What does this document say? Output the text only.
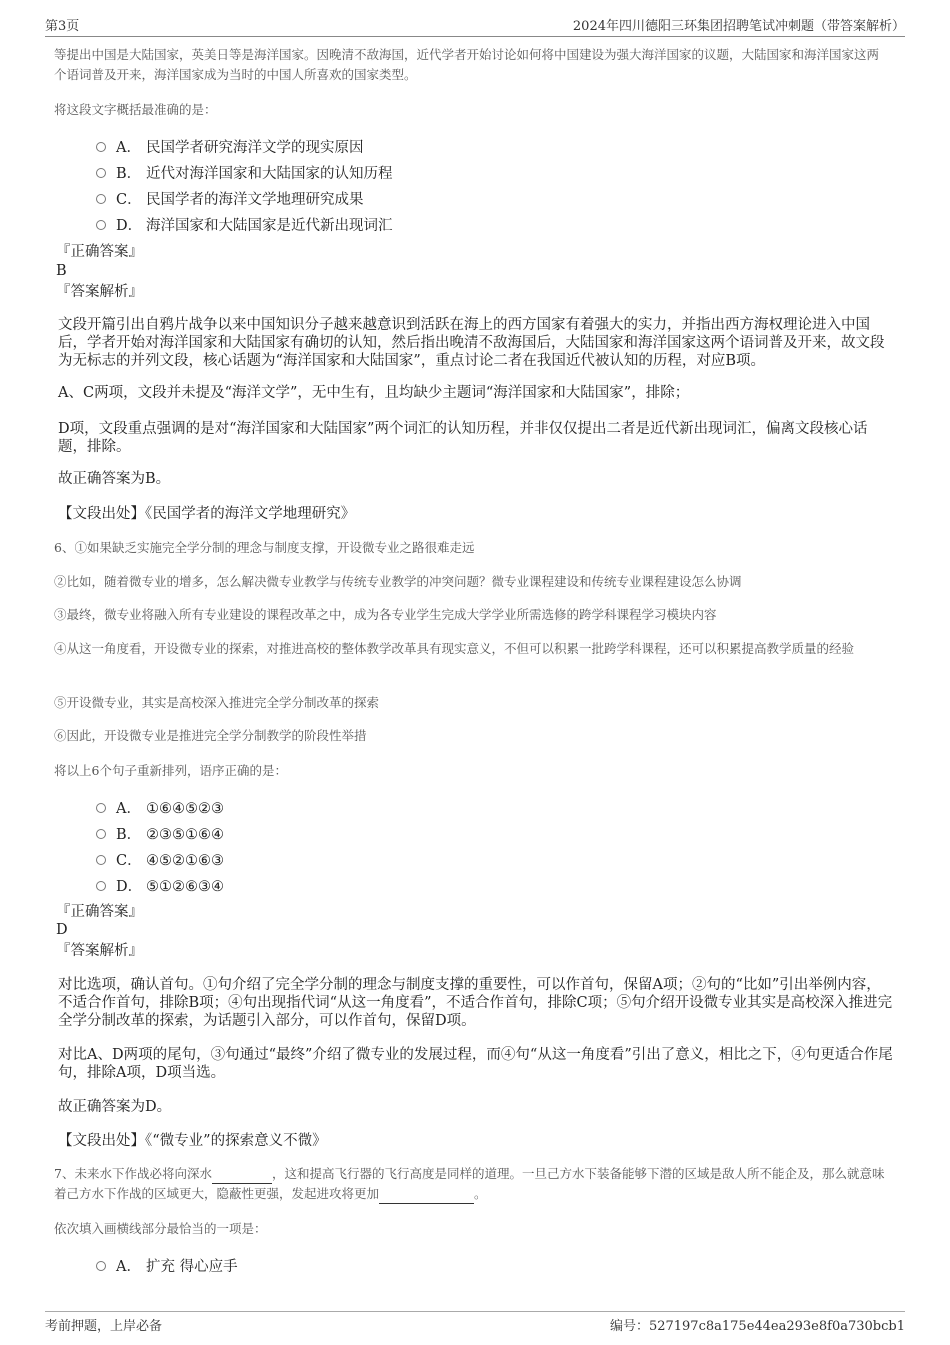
第3页	2024年四川德阳三环集团招聘笔试冲刺题（带答案解析）
等提出中国是大陆国家，英美日等是海洋国家。因晚清不敌海国，近代学者开始讨论如何将中国建设为强大海洋国家的议题，大陆国家和海洋国家这两个语词普及开来，海洋国家成为当时的中国人所喜欢的国家类型。
将这段文字概括最准确的是：
A． 民国学者研究海洋文学的现实原因
B． 近代对海洋国家和大陆国家的认知历程
C． 民国学者的海洋文学地理研究成果
D． 海洋国家和大陆国家是近代新出现词汇
『正确答案』
B
『答案解析』
文段开篇引出自鸦片战争以来中国知识分子越来越意识到活跃在海上的西方国家有着强大的实力，并指出西方海权理论进入中国后，学者开始对海洋国家和大陆国家有确切的认知，然后指出晚清不敌海国后，大陆国家和海洋国家这两个语词普及开来，故文段为无标志的并列文段，核心话题为“海洋国家和大陆国家”，重点讨论二者在我国近代被认知的历程，对应B项。
A、C两项，文段并未提及“海洋文学”，无中生有，且均缺少主题词“海洋国家和大陆国家”，排除；
D项，文段重点强调的是对“海洋国家和大陆国家”两个词汇的认知历程，并非仅仅提出二者是近代新出现词汇，偏离文段核心话题，排除。
故正确答案为B。
【文段出处】《民国学者的海洋文学地理研究》
6、①如果缺乏实施完全学分制的理念与制度支撑，开设微专业之路很难走远
②比如，随着微专业的增多，怎么解决微专业教学与传统专业教学的冲突问题？微专业课程建设和传统专业课程建设怎么协调
③最终，微专业将融入所有专业建设的课程改革之中，成为各专业学生完成大学学业所需选修的跨学科课程学习模块内容
④从这一角度看，开设微专业的探索，对推进高校的整体教学改革具有现实意义，不但可以积累一批跨学科课程，还可以积累提高教学质量的经验
⑤开设微专业，其实是高校深入推进完全学分制改革的探索
⑥因此，开设微专业是推进完全学分制教学的阶段性举措
将以上6个句子重新排列，语序正确的是：
A． ①⑥④⑤②③
B． ②③⑤①⑥④
C． ④⑤②①⑥③
D． ⑤①②⑥③④
『正确答案』
D
『答案解析』
对比选项，确认首句。①句介绍了完全学分制的理念与制度支撑的重要性，可以作首句，保留A项；②句的“比如”引出举例内容，不适合作首句，排除B项；④句出现指代词“从这一角度看”，不适合作首句，排除C项；⑤句介绍开设微专业其实是高校深入推进完全学分制改革的探索，为话题引入部分，可以作首句，保留D项。
对比A、D两项的尾句，③句通过“最终”介绍了微专业的发展过程，而④句“从这一角度看”引出了意义，相比之下，④句更适合作尾句，排除A项，D项当选。
故正确答案为D。
【文段出处】《“微专业”的探索意义不微》
7、未来水下作战必将向深水	，这和提高飞行器的飞行高度是同样的道理。一旦己方水下装备能够下潜的区域是敌人所不能企及，那么就意味着己方水下作战的区域更大，隐蔽性更强，发起进攻将更加	。
依次填入画横线部分最恰当的一项是：
A． 扩充 得心应手
考前押题，上岸必备	编号：527197c8a175e44ea293e8f0a730bcb1
